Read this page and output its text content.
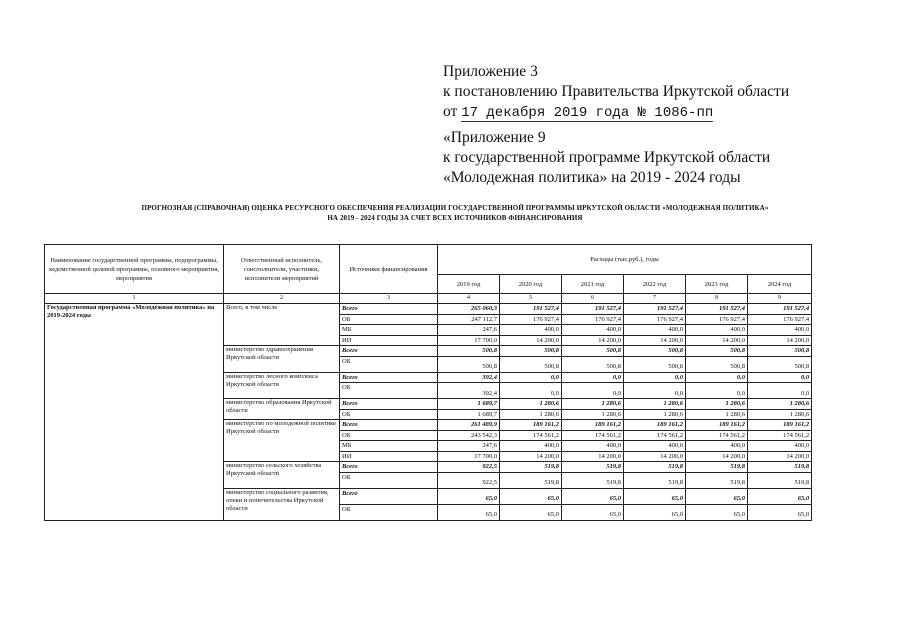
Приложение 3
к постановлению Правительства Иркутской области
от 17 декабря 2019 года № 1086-пп
«Приложение 9
к государственной программе Иркутской области
«Молодежная политика» на 2019 - 2024 годы
ПРОГНОЗНАЯ (СПРАВОЧНАЯ) ОЦЕНКА РЕСУРСНОГО ОБЕСПЕЧЕНИЯ РЕАЛИЗАЦИИ ГОСУДАРСТВЕННОЙ ПРОГРАММЫ ИРКУТСКОЙ ОБЛАСТИ «МОЛОДЕЖНАЯ ПОЛИТИКА»
НА 2019 - 2024 ГОДЫ ЗА СЧЕТ ВСЕХ ИСТОЧНИКОВ ФИНАНСИРОВАНИЯ
Наименование государственной программы, подпрограммы, ведомственной целевой программы, основного мероприятия, мероприятия	Ответственный исполнитель, соисполнители, участники, исполнители мероприятий	Источники финансирования	Расходы (тыс.руб.), годы					
			2019 год	2020 год	2021 год	2022 год	2023 год	2024 год
1	2	3	4	5	6	7	8	9
Государственная программа «Молодежная политика» на 2019-2024 годы	Всего, в том числе	Всего	265 060,3	191 527,4	191 527,4	191 527,4	191 527,4	191 527,4
		ОБ	247 112,7	176 927,4	176 927,4	176 927,4	176 927,4	176 927,4
		МБ	247,6	400,0	400,0	400,0	400,0	400,0
		ИИ	17 700,0	14 200,0	14 200,0	14 200,0	14 200,0	14 200,0
	министерство здравоохранения Иркутской области	Всего	500,8	500,8	500,8	500,8	500,8	500,8
		ОБ	500,8	500,8	500,8	500,8	500,8	500,8
	министерство лесного комплекса Иркутской области	Всего	392,4	0,0	0,0	0,0	0,0	0,0
		ОБ	392,4	0,0	0,0	0,0	0,0	0,0
	министерство образования Иркутской области	Всего	1 689,7	1 280,6	1 280,6	1 280,6	1 280,6	1 280,6
		ОБ	1 689,7	1 280,6	1 280,6	1 280,6	1 280,6	1 280,6
	министерство по молодежной политике Иркутской области	Всего	261 489,9	189 161,2	189 161,2	189 161,2	189 161,2	189 161,2
		ОБ	243 542,3	174 561,2	174 561,2	174 561,2	174 561,2	174 561,2
		МБ	247,6	400,0	400,0	400,0	400,0	400,0
		ИИ	17 700,0	14 200,0	14 200,0	14 200,0	14 200,0	14 200,0
	министерство сельского хозяйства Иркутской области	Всего	922,5	519,8	519,8	519,8	519,8	519,8
		ОБ	922,5	519,8	519,8	519,8	519,8	519,8
	министерство социального развития, опеки и попечительства Иркутской области	Всего	65,0	65,0	65,0	65,0	65,0	65,0
		ОБ	65,0	65,0	65,0	65,0	65,0	65,0
